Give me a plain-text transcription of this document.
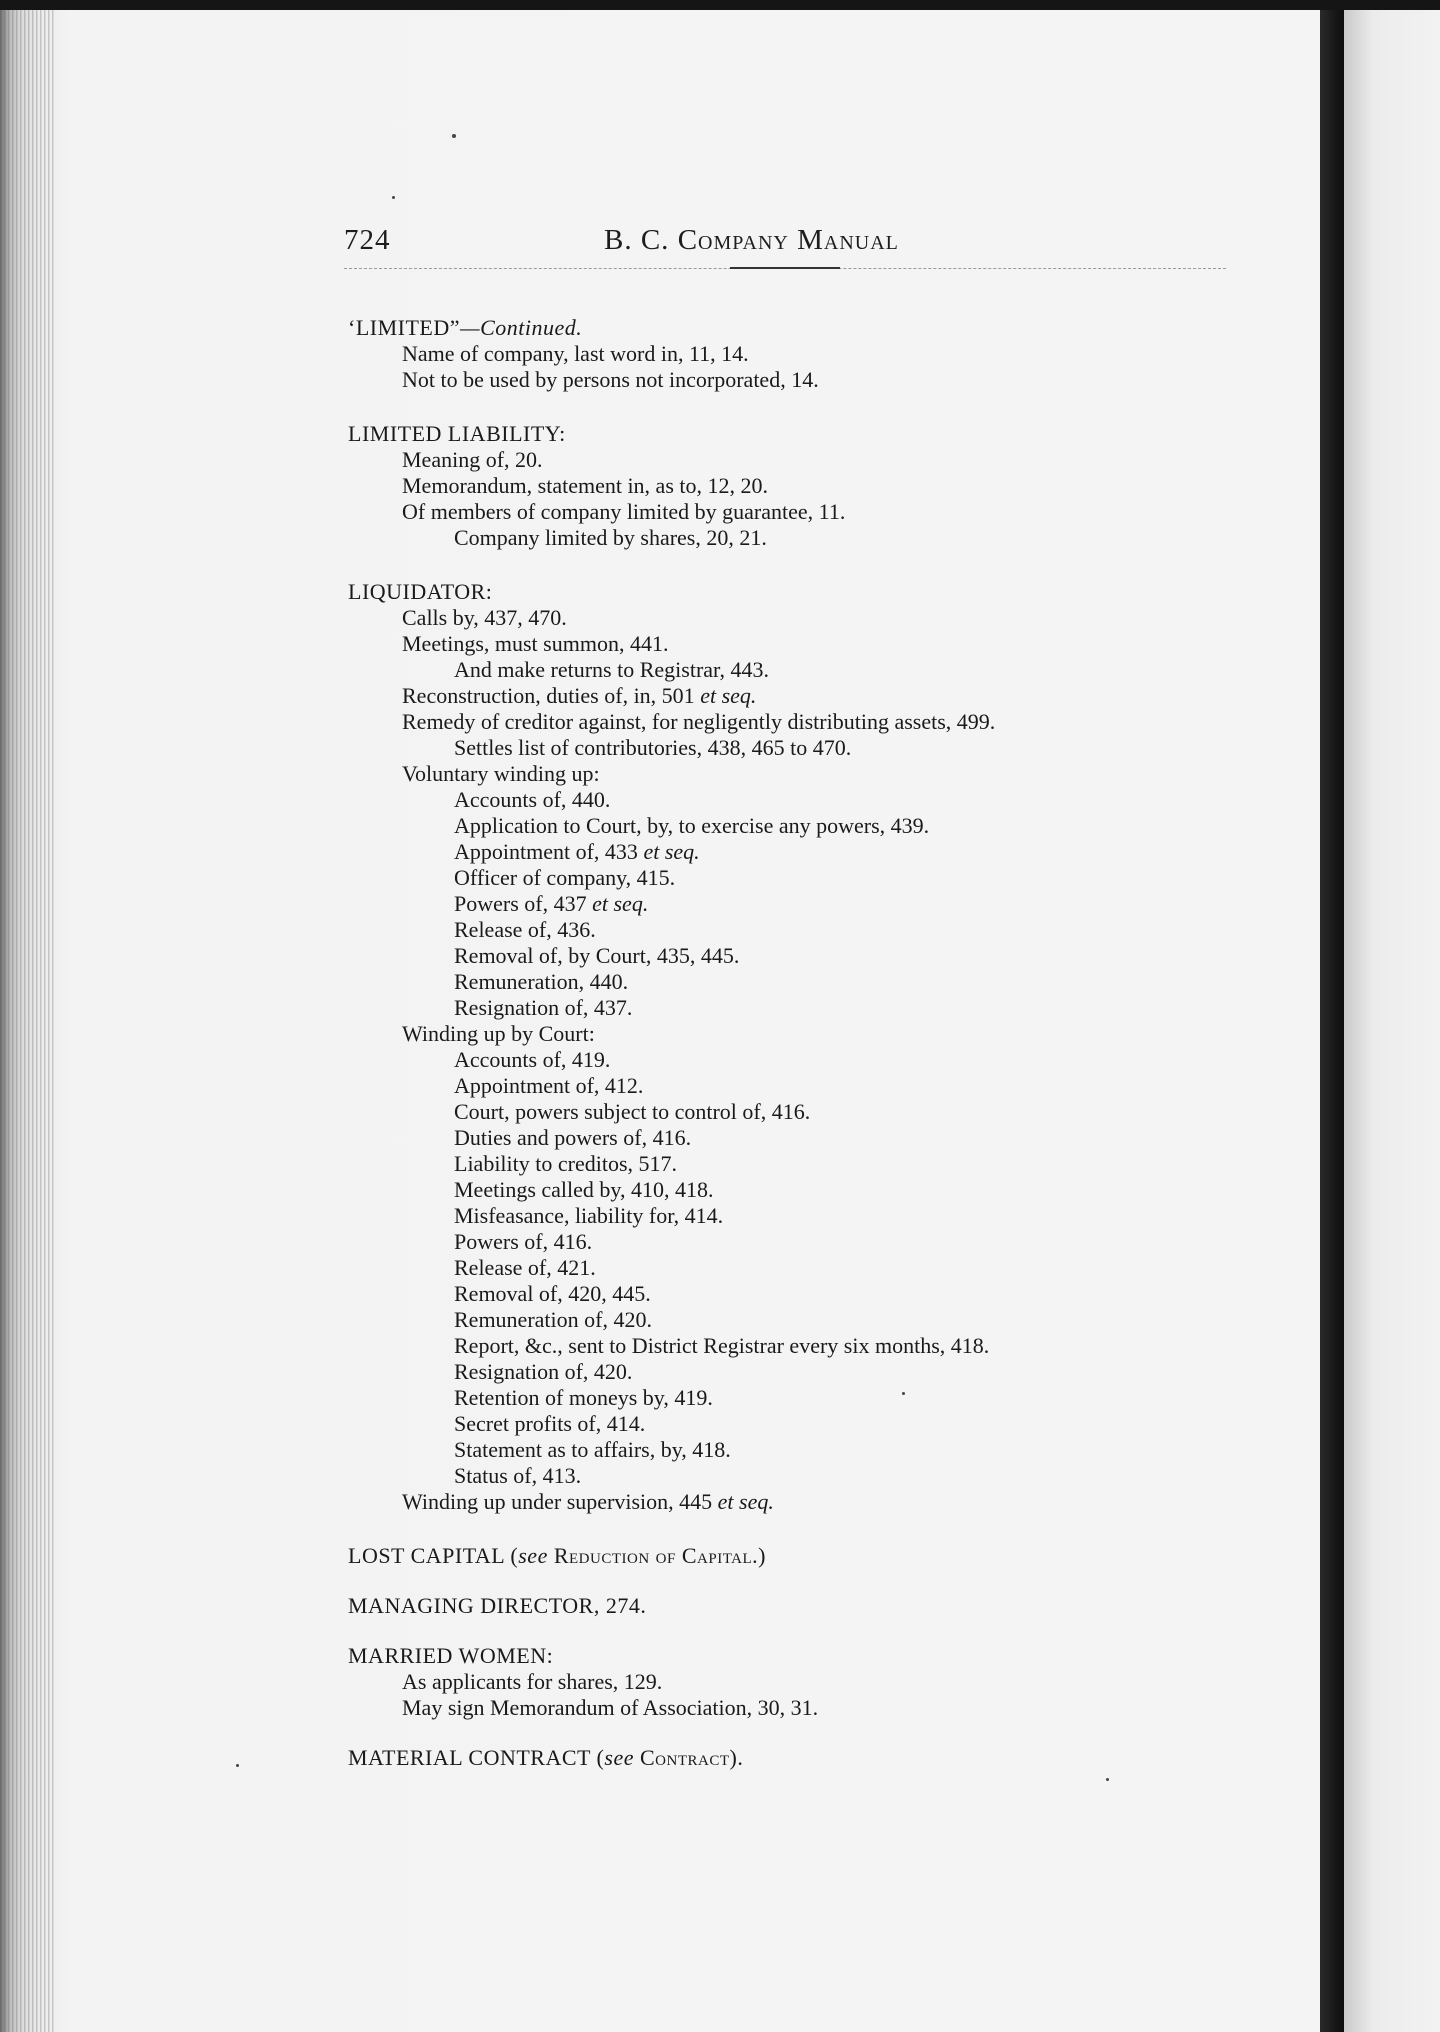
724	B. C. Company Manual
‘LIMITED”—Continued.
Name of company, last word in, 11, 14.
Not to be used by persons not incorporated, 14.
LIMITED LIABILITY:
Meaning of, 20.
Memorandum, statement in, as to, 12, 20.
Of members of company limited by guarantee, 11.
Company limited by shares, 20, 21.
LIQUIDATOR:
Calls by, 437, 470.
Meetings, must summon, 441.
And make returns to Registrar, 443.
Reconstruction, duties of, in, 501 et seq.
Remedy of creditor against, for negligently distributing assets, 499.
Settles list of contributories, 438, 465 to 470.
Voluntary winding up:
Accounts of, 440.
Application to Court, by, to exercise any powers, 439.
Appointment of, 433 et seq.
Officer of company, 415.
Powers of, 437 et seq.
Release of, 436.
Removal of, by Court, 435, 445.
Remuneration, 440.
Resignation of, 437.
Winding up by Court:
Accounts of, 419.
Appointment of, 412.
Court, powers subject to control of, 416.
Duties and powers of, 416.
Liability to creditos, 517.
Meetings called by, 410, 418.
Misfeasance, liability for, 414.
Powers of, 416.
Release of, 421.
Removal of, 420, 445.
Remuneration of, 420.
Report, &c., sent to District Registrar every six months, 418.
Resignation of, 420.
Retention of moneys by, 419.
Secret profits of, 414.
Statement as to affairs, by, 418.
Status of, 413.
Winding up under supervision, 445 et seq.
LOST CAPITAL (see Reduction of Capital.)
MANAGING DIRECTOR, 274.
MARRIED WOMEN:
As applicants for shares, 129.
May sign Memorandum of Association, 30, 31.
MATERIAL CONTRACT (see Contract).
